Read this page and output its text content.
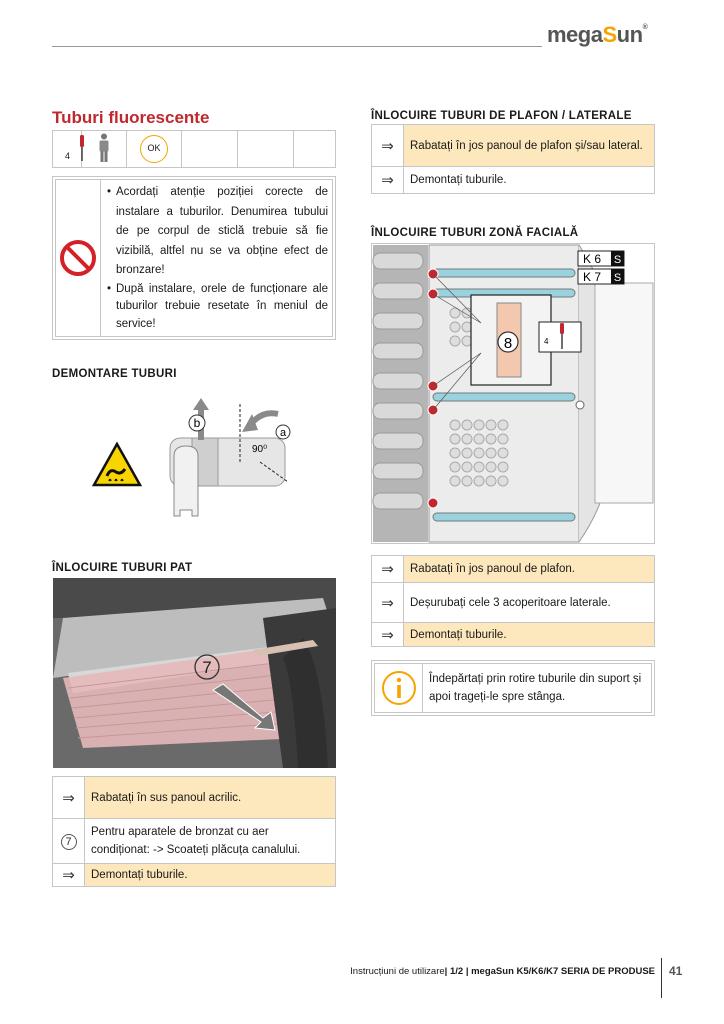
megaSun®
Tuburi fluorescente
4
		OK			
• Acordați atenție poziției corecte de instalare a tuburilor. Denumirea tubului de pe corpul de sticlă trebuie să fie vizibilă, altfel nu se va obține efect de bronzare!
• După instalare, orele de funcționare ale tuburilor trebuie resetate în meniul de service!
DEMONTARE TUBURI
b
a
90⁰
ÎNLOCUIRE TUBURI PAT
7
⇒	Rabatați în sus panoul acrilic.
7	Pentru aparatele de bronzat cu aer condiționat: -> Scoateți plăcuța canalului.
⇒	Demontați tuburile.
ÎNLOCUIRE TUBURI DE PLAFON / LATERALE
⇒	Rabatați în jos panoul de plafon și/sau lateral.
⇒	Demontați tuburile.
ÎNLOCUIRE TUBURI ZONĂ FACIALĂ
K 6
K 7
S
S
4
8
⇒	Rabatați în jos panoul de plafon.
⇒	Deșurubați cele 3 acoperitoare laterale.
⇒	Demontați tuburile.
Îndepărtați prin rotire tuburile din suport și apoi trageți-le spre stânga.
Instrucțiuni de utilizare| 1/2 | megaSun K5/K6/K7 SERIA DE PRODUSE 41
